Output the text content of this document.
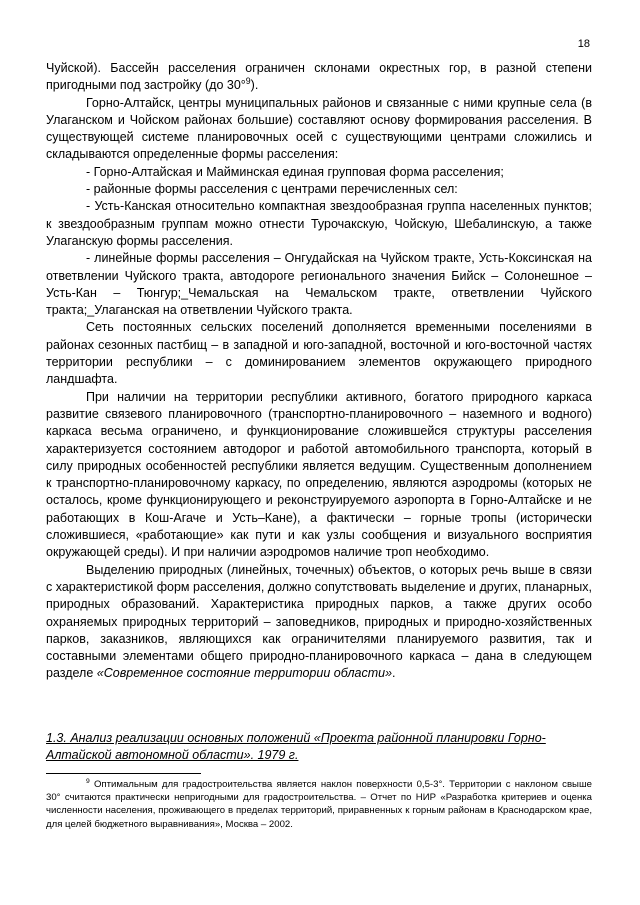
18

Чуйской). Бассейн расселения ограничен склонами окрестных гор, в разной степени пригодными под застройку (до 30°$^9$).

Горно-Алтайск, центры муниципальных районов и связанные с ними крупные села (в Улаганском и Чойском районах большие) составляют основу формирования расселения. В существующей системе планировочных осей с существующими центрами сложились и складываются определенные формы расселения:

- Горно-Алтайская и Майминская единая групповая форма расселения;

- районные формы расселения с центрами перечисленных сел:

- Усть-Канская относительно компактная звездообразная группа населенных пунктов; к звездообразным группам можно отнести Турочакскую, Чойскую, Шебалинскую, а также Улаганскую формы расселения.

- линейные формы расселения – Онгудайская на Чуйском тракте, Усть-Коксинская на ответвлении Чуйского тракта, автодороге регионального значения Бийск – Солонешное – Усть-Кан – Тюнгур;_Чемальская на Чемальском тракте, ответвлении Чуйского тракта;_Улаганская на ответвлении Чуйского тракта.

Сеть постоянных сельских поселений дополняется временными поселениями в районах сезонных пастбищ – в западной и юго-западной, восточной и юго-восточной частях территории республики – с доминированием элементов окружающего природного ландшафта.

При наличии на территории республики активного, богатого природного каркаса развитие связевого планировочного (транспортно-планировочного – наземного и водного) каркаса весьма ограничено, и функционирование сложившейся структуры расселения характеризуется состоянием автодорог и работой автомобильного транспорта, который в силу природных особенностей республики является ведущим. Существенным дополнением к транспортно-планировочному каркасу, по определению, являются аэродромы (которых не осталось, кроме функционирующего и реконструируемого аэропорта в Горно-Алтайске и не работающих в Кош-Агаче и Усть–Кане), а фактически – горные тропы (исторически сложившиеся, «работающие» как пути и как узлы сообщения и визуального восприятия окружающей среды). И при наличии аэродромов наличие троп необходимо.

Выделению природных (линейных, точечных) объектов, о которых речь выше в связи с характеристикой форм расселения, должно сопутствовать выделение и других, планарных, природных образований. Характеристика природных парков, а также других особо охраняемых природных территорий – заповедников, природных и природно-хозяйственных парков, заказников, являющихся как ограничителями планируемого развития, так и составными элементами общего природно-планировочного каркаса – дана в следующем разделе «Современное состояние территории области».

1.3. Анализ реализации основных положений «Проекта районной планировки Горно-Алтайской автономной области». 1979 г.
$^9$ Оптимальным для градостроительства является наклон поверхности 0,5-3°. Территории с наклоном свыше 30° считаются практически непригодными для градостроительства. – Отчет по НИР «Разработка критериев и оценка численности населения, проживающего в пределах территорий, приравненных к горным районам в Краснодарском крае, для целей бюджетного выравнивания», Москва – 2002.
